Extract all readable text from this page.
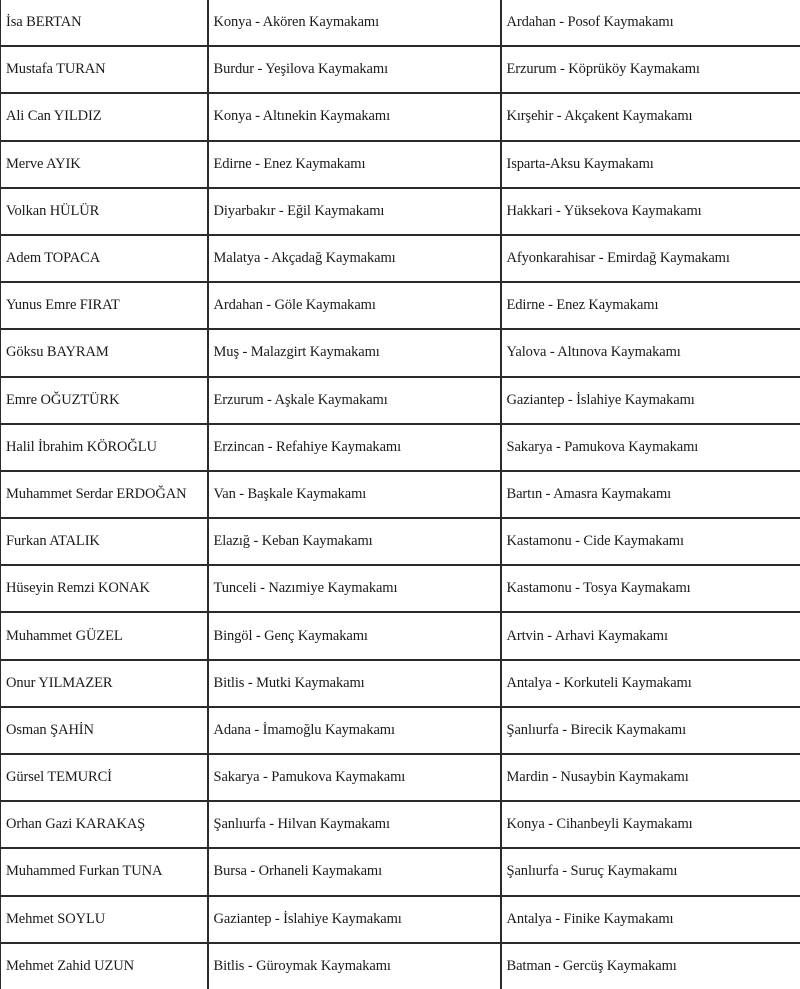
İsa BERTAN	Konya - Akören Kaymakamı	Ardahan - Posof Kaymakamı
Mustafa TURAN	Burdur - Yeşilova Kaymakamı	Erzurum - Köprüköy Kaymakamı
Ali Can YILDIZ	Konya - Altınekin Kaymakamı	Kırşehir - Akçakent Kaymakamı
Merve AYIK	Edirne - Enez Kaymakamı	Isparta-Aksu Kaymakamı
Volkan HÜLÜR	Diyarbakır - Eğil Kaymakamı	Hakkari - Yüksekova Kaymakamı
Adem TOPACA	Malatya - Akçadağ Kaymakamı	Afyonkarahisar - Emirdağ Kaymakamı
Yunus Emre FIRAT	Ardahan - Göle Kaymakamı	Edirne - Enez Kaymakamı
Göksu BAYRAM	Muş - Malazgirt Kaymakamı	Yalova - Altınova Kaymakamı
Emre OĞUZTÜRK	Erzurum - Aşkale Kaymakamı	Gaziantep - İslahiye Kaymakamı
Halil İbrahim KÖROĞLU	Erzincan - Refahiye Kaymakamı	Sakarya - Pamukova Kaymakamı
Muhammet Serdar ERDOĞAN	Van - Başkale Kaymakamı	Bartın - Amasra Kaymakamı
Furkan ATALIK	Elazığ - Keban Kaymakamı	Kastamonu - Cide Kaymakamı
Hüseyin Remzi KONAK	Tunceli - Nazımiye Kaymakamı	Kastamonu - Tosya Kaymakamı
Muhammet GÜZEL	Bingöl - Genç Kaymakamı	Artvin - Arhavi Kaymakamı
Onur YILMAZER	Bitlis - Mutki Kaymakamı	Antalya - Korkuteli Kaymakamı
Osman ŞAHİN	Adana - İmamoğlu Kaymakamı	Şanlıurfa - Birecik Kaymakamı
Gürsel TEMURCİ	Sakarya - Pamukova Kaymakamı	Mardin - Nusaybin Kaymakamı
Orhan Gazi KARAKAŞ	Şanlıurfa - Hilvan Kaymakamı	Konya - Cihanbeyli Kaymakamı
Muhammed Furkan TUNA	Bursa - Orhaneli Kaymakamı	Şanlıurfa - Suruç Kaymakamı
Mehmet SOYLU	Gaziantep - İslahiye Kaymakamı	Antalya - Finike Kaymakamı
Mehmet Zahid UZUN	Bitlis - Güroymak Kaymakamı	Batman - Gercüş Kaymakamı
